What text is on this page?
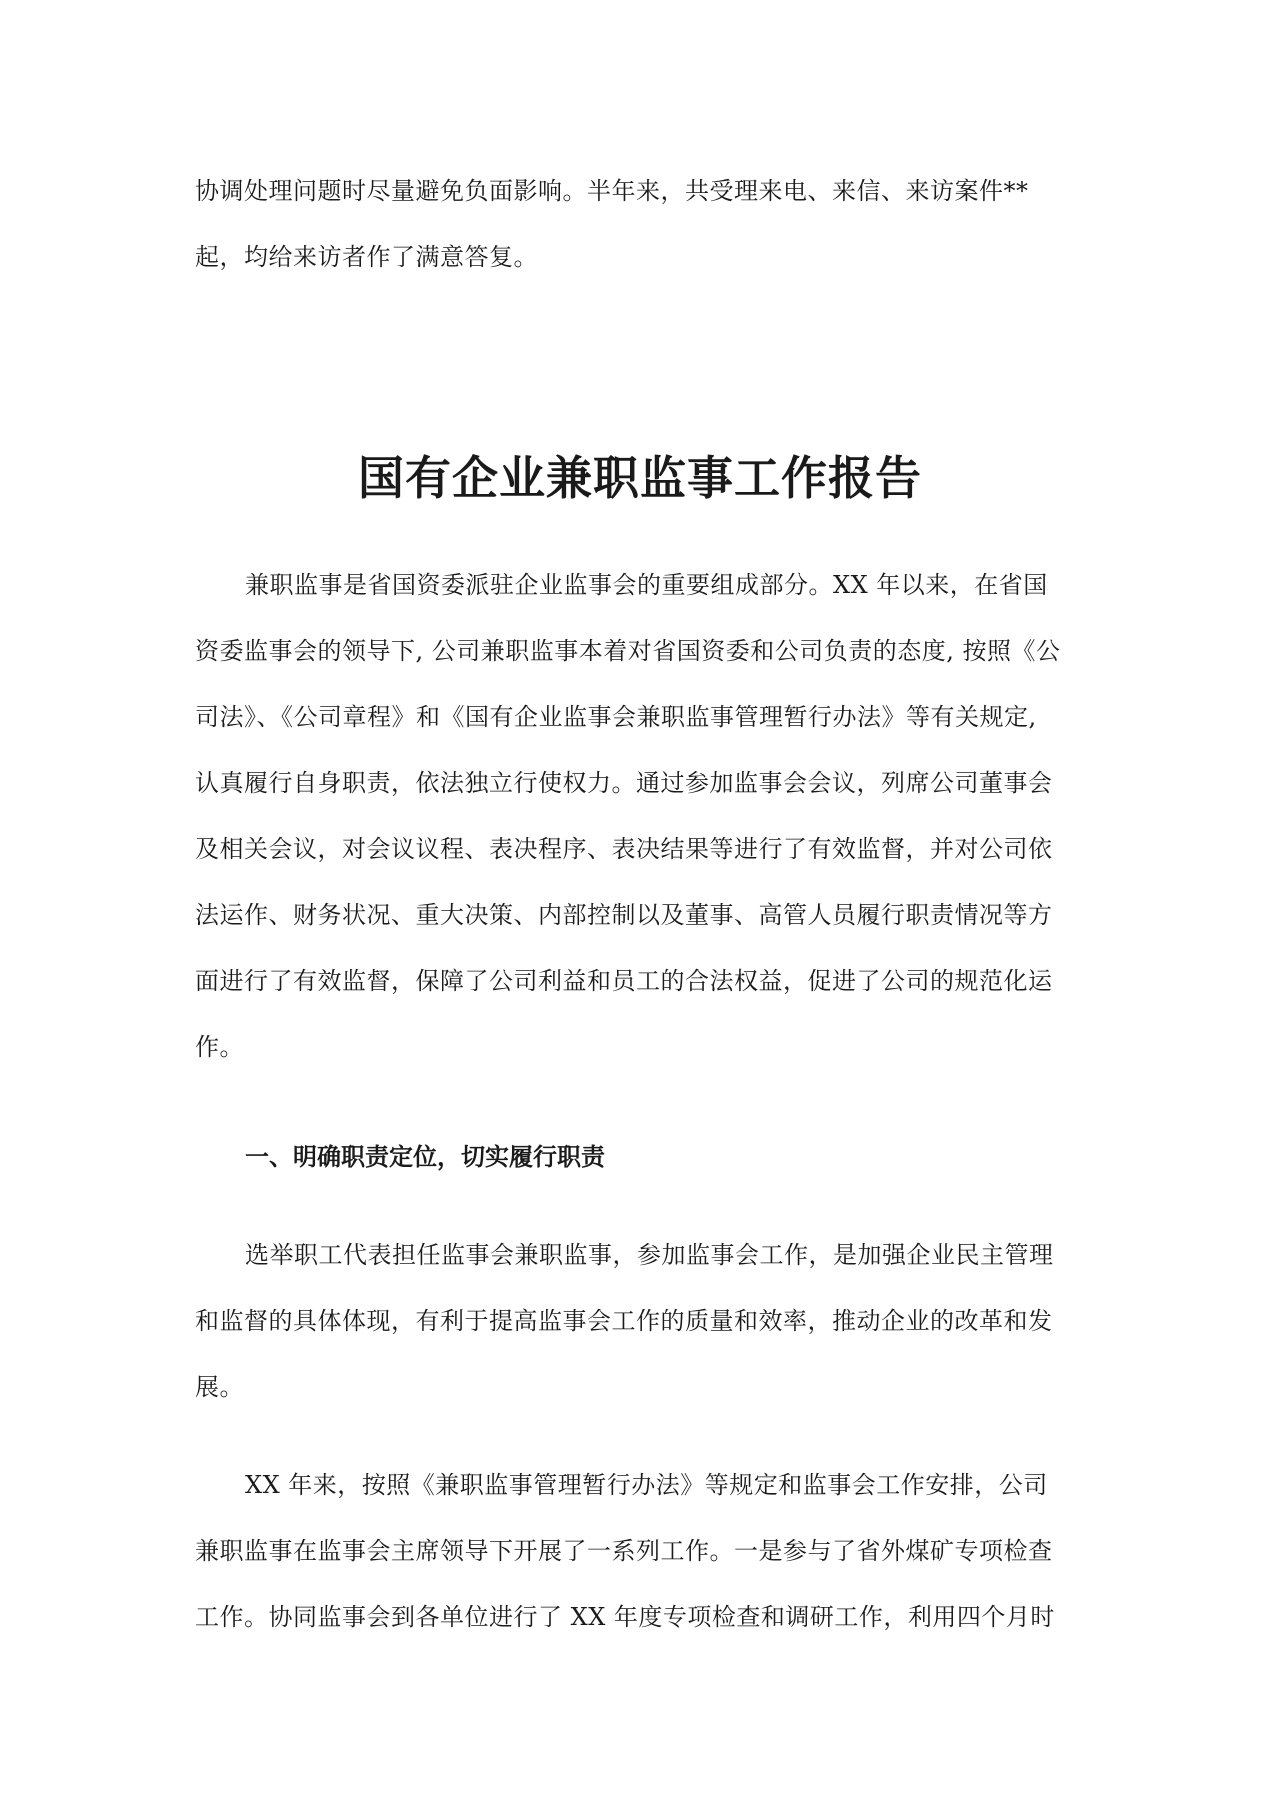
协调处理问题时尽量避免负面影响。半年来，共受理来电、来信、来访案件**
起，均给来访者作了满意答复。
国有企业兼职监事工作报告
兼职监事是省国资委派驻企业监事会的重要组成部分。XX 年以来，在省国
资委监事会的领导下, 公司兼职监事本着对省国资委和公司负责的态度, 按照《公
司法》、《公司章程》和《国有企业监事会兼职监事管理暂行办法》等有关规定,
认真履行自身职责，依法独立行使权力。通过参加监事会会议，列席公司董事会
及相关会议，对会议议程、表决程序、表决结果等进行了有效监督，并对公司依
法运作、财务状况、重大决策、内部控制以及董事、高管人员履行职责情况等方
面进行了有效监督，保障了公司利益和员工的合法权益，促进了公司的规范化运
作。
一、明确职责定位，切实履行职责
选举职工代表担任监事会兼职监事，参加监事会工作，是加强企业民主管理
和监督的具体体现，有利于提高监事会工作的质量和效率，推动企业的改革和发
展。
XX 年来，按照《兼职监事管理暂行办法》等规定和监事会工作安排，公司
兼职监事在监事会主席领导下开展了一系列工作。一是参与了省外煤矿专项检查
工作。协同监事会到各单位进行了 XX 年度专项检查和调研工作，利用四个月时
